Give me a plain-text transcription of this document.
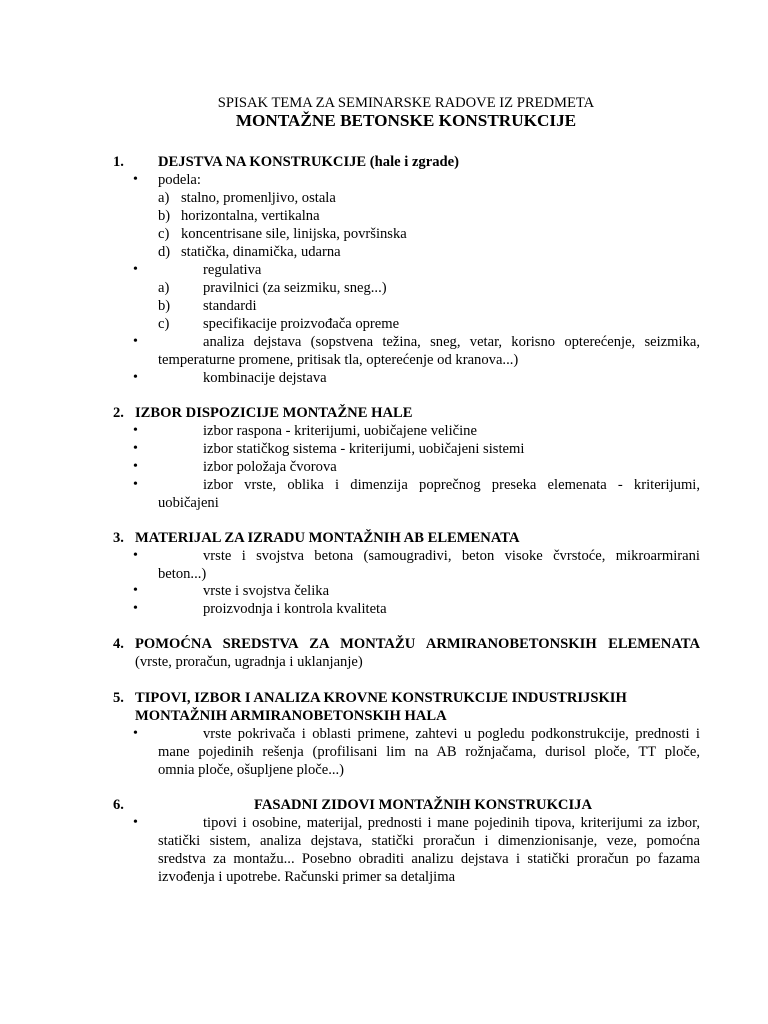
SPISAK TEMA ZA SEMINARSKE RADOVE IZ PREDMETA
MONTAŽNE BETONSKE KONSTRUKCIJE
1. DEJSTVA NA KONSTRUKCIJE (hale i zgrade)
• podela:
a) stalno, promenljivo, ostala
b) horizontalna, vertikalna
c) koncentrisane sile, linijska, površinska
d) statička, dinamička, udarna
•	regulativa
a) pravilnici (za seizmiku, sneg...)
b) standardi
c) specifikacije proizvođača opreme
•	analiza dejstava (sopstvena težina, sneg, vetar, korisno opterećenje, seizmika,
temperaturne promene, pritisak tla, opterećenje od kranova...)
•	kombinacije dejstava
2. IZBOR DISPOZICIJE MONTAŽNE HALE
•	izbor raspona - kriterijumi, uobičajene veličine
•	izbor statičkog sistema - kriterijumi, uobičajeni sistemi
•	izbor položaja čvorova
•	izbor vrste, oblika i dimenzija poprečnog preseka elemenata - kriterijumi,
uobičajeni
3. MATERIJAL ZA IZRADU MONTAŽNIH AB ELEMENATA
•	vrste i svojstva betona (samougradivi, beton visoke čvrstoće, mikroarmirani
beton...)
•	vrste i svojstva čelika
•	proizvodnja i kontrola kvaliteta
4. POMOĆNA SREDSTVA ZA MONTAŽU ARMIRANOBETONSKIH ELEMENATA
(vrste, proračun, ugradnja i uklanjanje)
5. TIPOVI, IZBOR I ANALIZA KROVNE KONSTRUKCIJE INDUSTRIJSKIH
MONTAŽNIH ARMIRANOBETONSKIH HALA
•	vrste pokrivača i oblasti primene, zahtevi u pogledu podkonstrukcije, prednosti i
mane pojedinih rešenja (profilisani lim na AB rožnjačama, durisol ploče, TT ploče,
omnia ploče, ošupljene ploče...)
6.	FASADNI ZIDOVI MONTAŽNIH KONSTRUKCIJA
•	tipovi i osobine, materijal, prednosti i mane pojedinih tipova, kriterijumi za izbor,
statički sistem, analiza dejstava, statički proračun i dimenzionisanje, veze, pomoćna
sredstva za montažu... Posebno obraditi analizu dejstava i statički proračun po fazama
izvođenja i upotrebe. Računski primer sa detaljima
